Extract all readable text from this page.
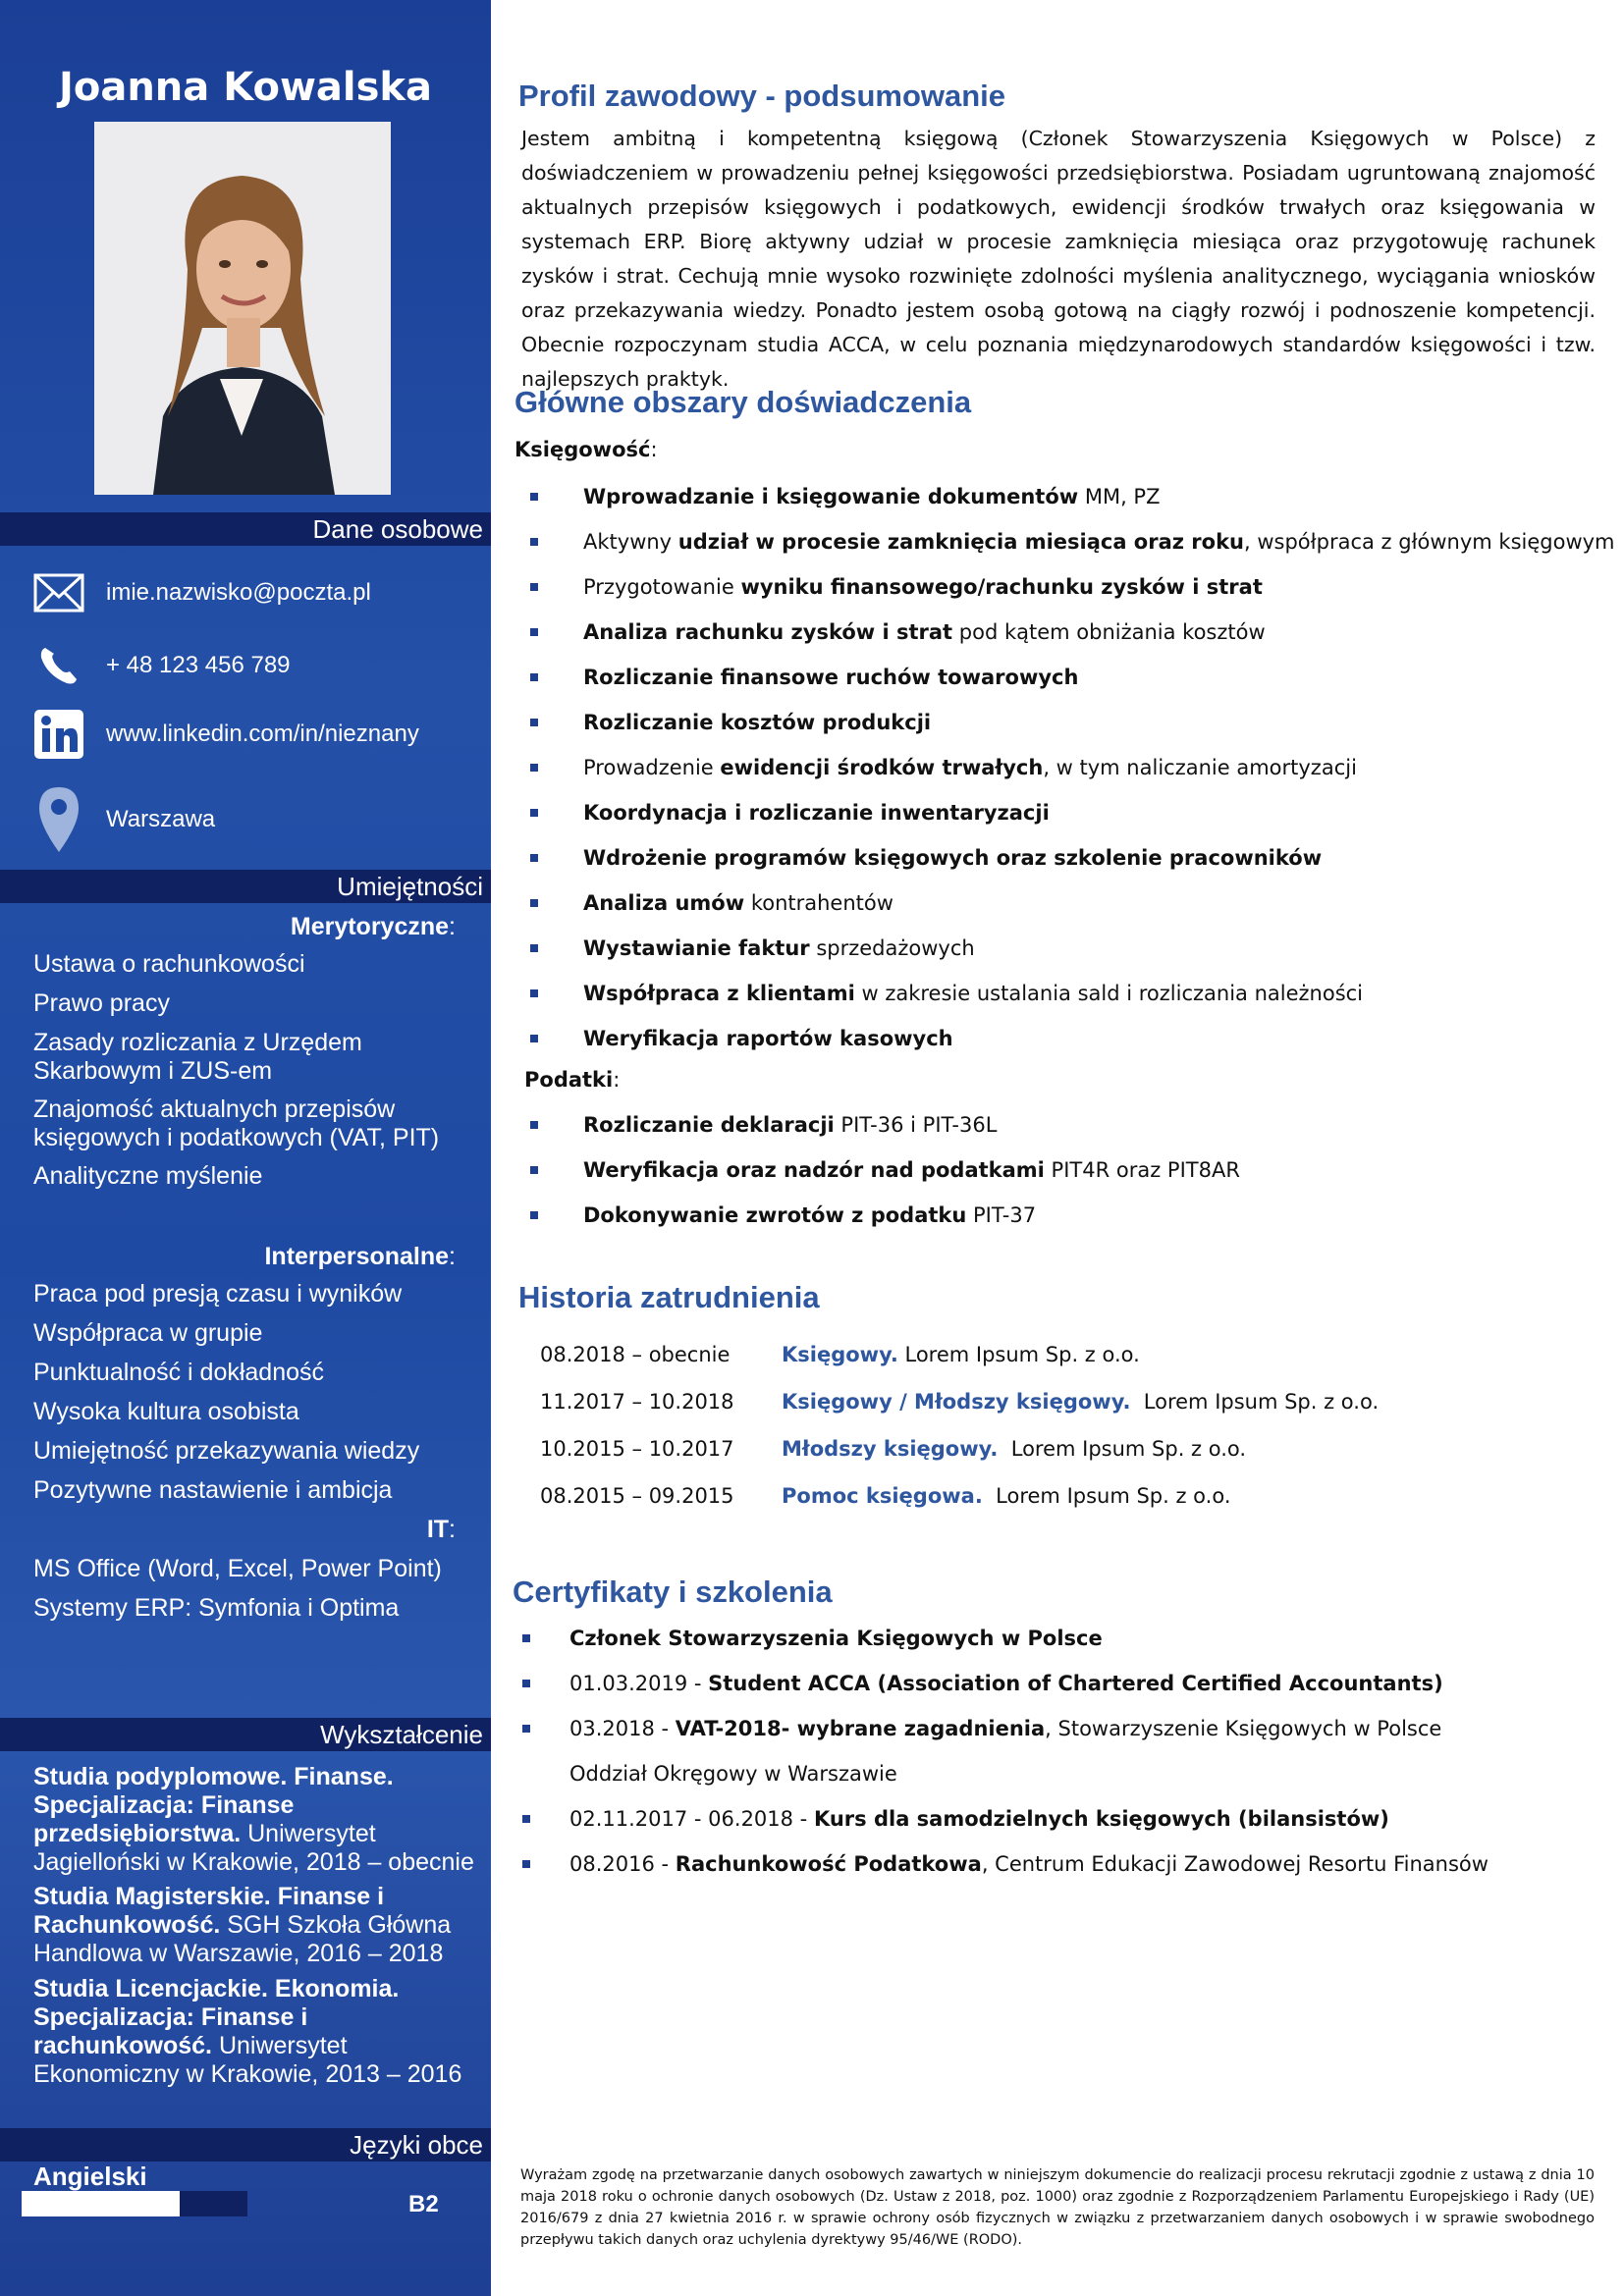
Joanna Kowalska
Dane osobowe
imie.nazwisko@poczta.pl
+ 48 123 456 789
www.linkedin.com/in/nieznany
Warszawa
Umiejętności
Merytoryczne:
Ustawa o rachunkowości
Prawo pracy
Zasady rozliczania z Urzędem Skarbowym i ZUS-em
Znajomość aktualnych przepisów księgowych i podatkowych (VAT, PIT)
Analityczne myślenie
Interpersonalne:
Praca pod presją czasu i wyników
Współpraca w grupie
Punktualność i dokładność
Wysoka kultura osobista
Umiejętność przekazywania wiedzy
Pozytywne nastawienie i ambicja
IT:
MS Office (Word, Excel, Power Point)
Systemy ERP: Symfonia i Optima
Wykształcenie
Studia podyplomowe. Finanse. Specjalizacja: Finanse przedsiębiorstwa. Uniwersytet Jagielloński w Krakowie, 2018 – obecnie
Studia Magisterskie. Finanse i Rachunkowość. SGH Szkoła Główna Handlowa w Warszawie, 2016 – 2018
Studia Licencjackie. Ekonomia. Specjalizacja: Finanse i rachunkowość. Uniwersytet Ekonomiczny w Krakowie, 2013 – 2016
Języki obce
Angielski
B2
Profil zawodowy - podsumowanie
Jestem ambitną i kompetentną księgową (Członek Stowarzyszenia Księgowych w Polsce) z doświadczeniem w prowadzeniu pełnej księgowości przedsiębiorstwa. Posiadam ugruntowaną znajomość aktualnych przepisów księgowych i podatkowych, ewidencji środków trwałych oraz księgowania w systemach ERP. Biorę aktywny udział w procesie zamknięcia miesiąca oraz przygotowuję rachunek zysków i strat. Cechują mnie wysoko rozwinięte zdolności myślenia analitycznego, wyciągania wniosków oraz przekazywania wiedzy. Ponadto jestem osobą gotową na ciągły rozwój i podnoszenie kompetencji. Obecnie rozpoczynam studia ACCA, w celu poznania międzynarodowych standardów księgowości i tzw. najlepszych praktyk.
Główne obszary doświadczenia
Księgowość:
Wprowadzanie i księgowanie dokumentów MM, PZ
Aktywny udział w procesie zamknięcia miesiąca oraz roku, współpraca z głównym księgowym
Przygotowanie wyniku finansowego/rachunku zysków i strat
Analiza rachunku zysków i strat pod kątem obniżania kosztów
Rozliczanie finansowe ruchów towarowych
Rozliczanie kosztów produkcji
Prowadzenie ewidencji środków trwałych, w tym naliczanie amortyzacji
Koordynacja i rozliczanie inwentaryzacji
Wdrożenie programów księgowych oraz szkolenie pracowników
Analiza umów kontrahentów
Wystawianie faktur sprzedażowych
Współpraca z klientami w zakresie ustalania sald i rozliczania należności
Weryfikacja raportów kasowych
Podatki:
Rozliczanie deklaracji PIT-36 i PIT-36L
Weryfikacja oraz nadzór nad podatkami PIT4R oraz PIT8AR
Dokonywanie zwrotów z podatku PIT-37
Historia zatrudnienia
08.2018 – obecnie	Księgowy. Lorem Ipsum Sp. z o.o.
11.2017 – 10.2018 Księgowy / Młodszy księgowy.  Lorem Ipsum Sp. z o.o.
10.2015 – 10.2017 Młodszy księgowy.  Lorem Ipsum Sp. z o.o.
08.2015 – 09.2015 Pomoc księgowa.  Lorem Ipsum Sp. z o.o.
Certyfikaty i szkolenia
Członek Stowarzyszenia Księgowych w Polsce
01.03.2019 - Student ACCA (Association of Chartered Certified Accountants)
03.2018 - VAT-2018- wybrane zagadnienia, Stowarzyszenie Księgowych w Polsce Oddział Okręgowy w Warszawie
02.11.2017 - 06.2018 - Kurs dla samodzielnych księgowych (bilansistów)
08.2016 - Rachunkowość Podatkowa, Centrum Edukacji Zawodowej Resortu Finansów
Wyrażam zgodę na przetwarzanie danych osobowych zawartych w niniejszym dokumencie do realizacji procesu rekrutacji zgodnie z ustawą z dnia 10 maja 2018 roku o ochronie danych osobowych (Dz. Ustaw z 2018, poz. 1000) oraz zgodnie z Rozporządzeniem Parlamentu Europejskiego i Rady (UE) 2016/679 z dnia 27 kwietnia 2016 r. w sprawie ochrony osób fizycznych w związku z przetwarzaniem danych osobowych i w sprawie swobodnego przepływu takich danych oraz uchylenia dyrektywy 95/46/WE (RODO).
